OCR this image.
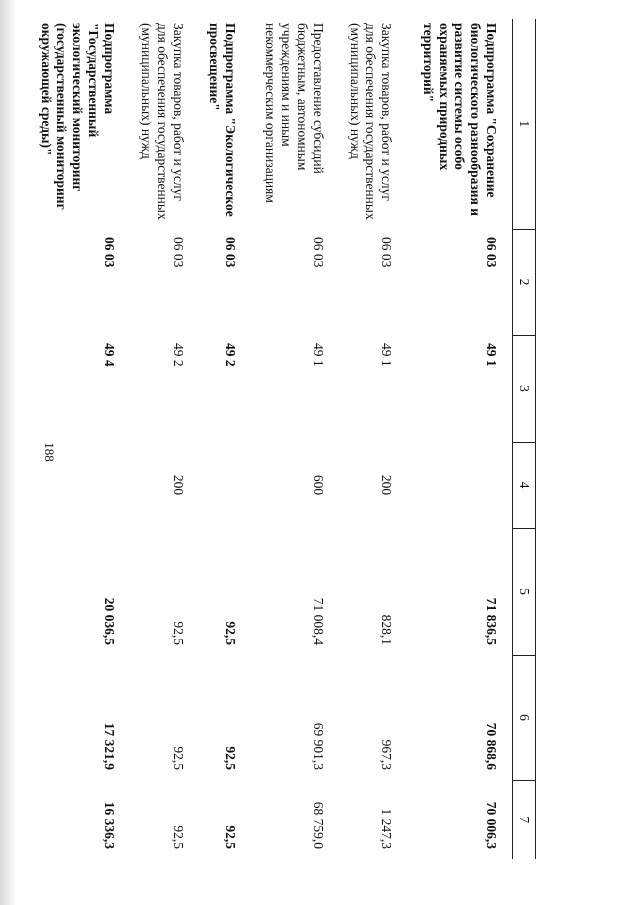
188
1	2	3	4	5	6	7
Подпрограмма "Сохранение биологического разнообразия и развитие системы особо охраняемых природных территорий"	06 03	49 1		71 836,5	70 868,6	70 006,3
Закупка товаров, работ и услуг для обеспечения государственных (муниципальных) нужд	06 03	49 1	200	828,1	967,3	1 247,3
Предоставление субсидий бюджетным, автономным учреждениям и иным некоммерческим организациям	06 03	49 1	600	71 008,4	69 901,3	68 759,0
Подпрограмма "Экологическое просвещение"	06 03	49 2		92,5	92,5	92,5
Закупка товаров, работ и услуг для обеспечения государственных (муниципальных) нужд	06 03	49 2	200	92,5	92,5	92,5
Подпрограмма "Государственный экологический мониторинг (государственный мониторинг окружающей среды)"	06 03	49 4		20 036,5	17 321,9	16 336,3
